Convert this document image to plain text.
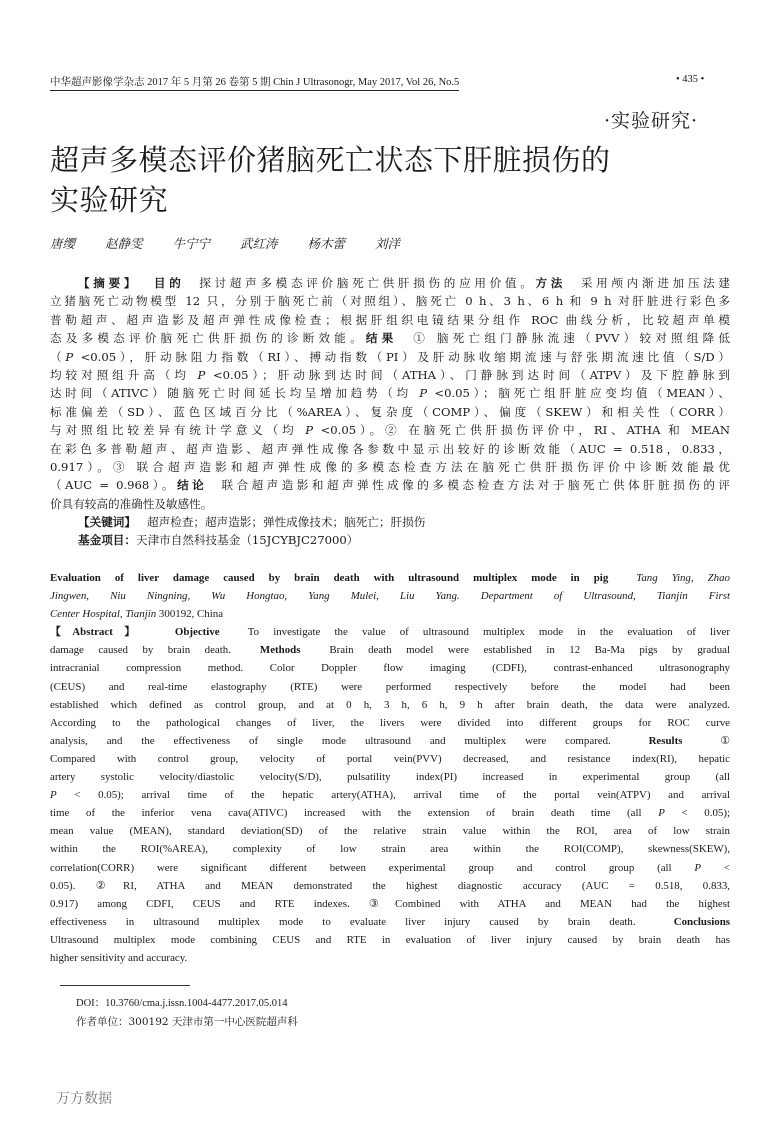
中华超声影像学杂志 2017 年 5 月第 26 卷第 5 期 Chin J Ultrasonogr, May 2017, Vol 26, No.5	• 435 •
·实验研究·
超声多模态评价猪脑死亡状态下肝脏损伤的
实验研究
唐缨 赵静雯 牛宁宁 武红涛 杨木蕾 刘洋
【摘要】 目的  探讨超声多模态评价脑死亡供肝损伤的应用价值。方法  采用颅内渐进加压法建
立猪脑死亡动物模型 12 只，分别于脑死亡前（对照组）、脑死亡 0 h、3 h、6 h 和 9 h 对肝脏进行彩色多
普勒超声、超声造影及超声弹性成像检查；根据肝组织电镜结果分组作 ROC 曲线分析，比较超声单模
态及多模态评价脑死亡供肝损伤的诊断效能。结果  ① 脑死亡组门静脉流速（PVV）较对照组降低
（P <0.05），肝动脉阻力指数（RI）、搏动指数（PI）及肝动脉收缩期流速与舒张期流速比值（S/D）
均较对照组升高（均 P <0.05）；肝动脉到达时间（ATHA）、门静脉到达时间（ATPV）及下腔静脉到
达时间（ATIVC）随脑死亡时间延长均呈增加趋势（均 P <0.05）；脑死亡组肝脏应变均值（MEAN）、
标准偏差（SD）、蓝色区域百分比（%AREA）、复杂度（COMP）、偏度（SKEW）和相关性（CORR）
与对照组比较差异有统计学意义（均 P <0.05）。② 在脑死亡供肝损伤评价中，RI、ATHA 和 MEAN
在彩色多普勒超声、超声造影、超声弹性成像各参数中显示出较好的诊断效能（AUC = 0.518，0.833，
0.917）。③ 联合超声造影和超声弹性成像的多模态检查方法在脑死亡供肝损伤评价中诊断效能最优
（AUC = 0.968）。结论  联合超声造影和超声弹性成像的多模态检查方法对于脑死亡供体肝脏损伤的评
价具有较高的准确性及敏感性。
【关键词】   超声检查；超声造影；弹性成像技术；脑死亡；肝损伤
基金项目：天津市自然科技基金（15JCYBJC27000）
Evaluation of liver damage caused by brain death with ultrasound multiplex mode in pig  Tang Ying, Zhao
Jingwen, Niu Ningning, Wu Hongtao, Yang Mulei, Liu Yang. Department of Ultrasound, Tianjin First
Center Hospital, Tianjin 300192, China
【Abstract】  Objective  To investigate the value of ultrasound multiplex mode in the evaluation of liver
damage caused by brain death.  Methods  Brain death model were established in 12 Ba-Ma pigs by gradual
intracranial compression method. Color Doppler flow imaging (CDFI), contrast-enhanced ultrasonography
(CEUS) and real-time elastography (RTE) were performed respectively before the model had been
established which defined as control group, and at 0 h, 3 h, 6 h, 9 h after brain death, the data were analyzed.
According to the pathological changes of liver, the livers were divided into different groups for ROC curve
analysis, and the effectiveness of single mode ultrasound and multiplex were compared.  Results  ①
Compared with control group, velocity of portal vein(PVV) decreased, and resistance index(RI), hepatic
artery systolic velocity/diastolic velocity(S/D), pulsatility index(PI) increased in experimental group (all
P < 0.05); arrival time of the hepatic artery(ATHA), arrival time of the portal vein(ATPV) and arrival
time of the inferior vena cava(ATIVC) increased with the extension of brain death time (all P < 0.05);
mean value (MEAN), standard deviation(SD) of the relative strain value within the ROI, area of low strain
within the ROI(%AREA), complexity of low strain area within the ROI(COMP), skewness(SKEW),
correlation(CORR) were significant different between experimental group and control group (all P <
0.05). ②RI, ATHA and MEAN demonstrated the highest diagnostic accuracy (AUC = 0.518, 0.833,
0.917) among CDFI, CEUS and RTE indexes. ③Combined with ATHA and MEAN had the highest
effectiveness in ultrasound multiplex mode to evaluate liver injury caused by brain death.  Conclusions
Ultrasound multiplex mode combining CEUS and RTE in evaluation of liver injury caused by brain death has
higher sensitivity and accuracy.
DOI：10.3760/cma.j.issn.1004-4477.2017.05.014
作者单位：300192 天津市第一中心医院超声科
万方数据
